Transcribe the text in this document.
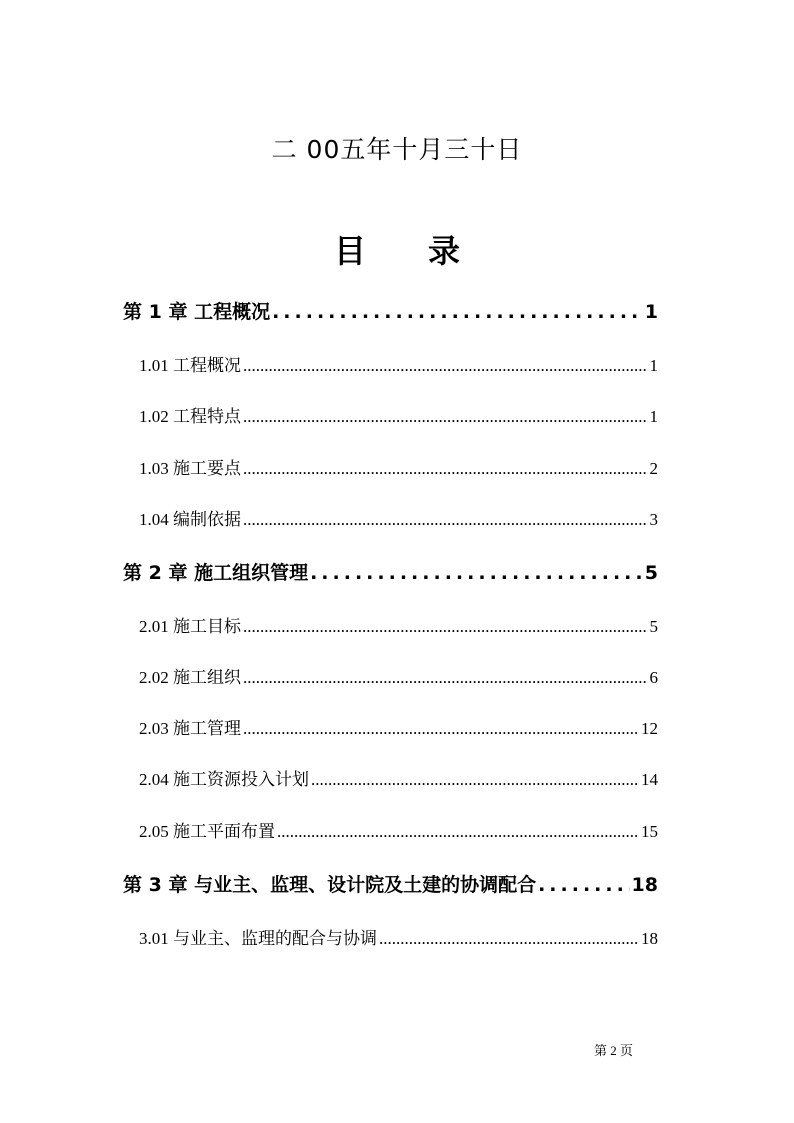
二 00五年十月三十日
目 录
第 1 章 工程概况 .....	1
1.01 工程概况 .....	1
1.02 工程特点 .....	1
1.03 施工要点 .....	2
1.04 编制依据 .....	3
第 2 章 施工组织管理 .....	5
2.01 施工目标 .....	5
2.02 施工组织 .....	6
2.03 施工管理 .....	12
2.04 施工资源投入计划 .....	14
2.05 施工平面布置 .....	15
第 3 章 与业主、监理、设计院及土建的协调配合 .....	18
3.01 与业主、监理的配合与协调 .....	18
第 2 页
